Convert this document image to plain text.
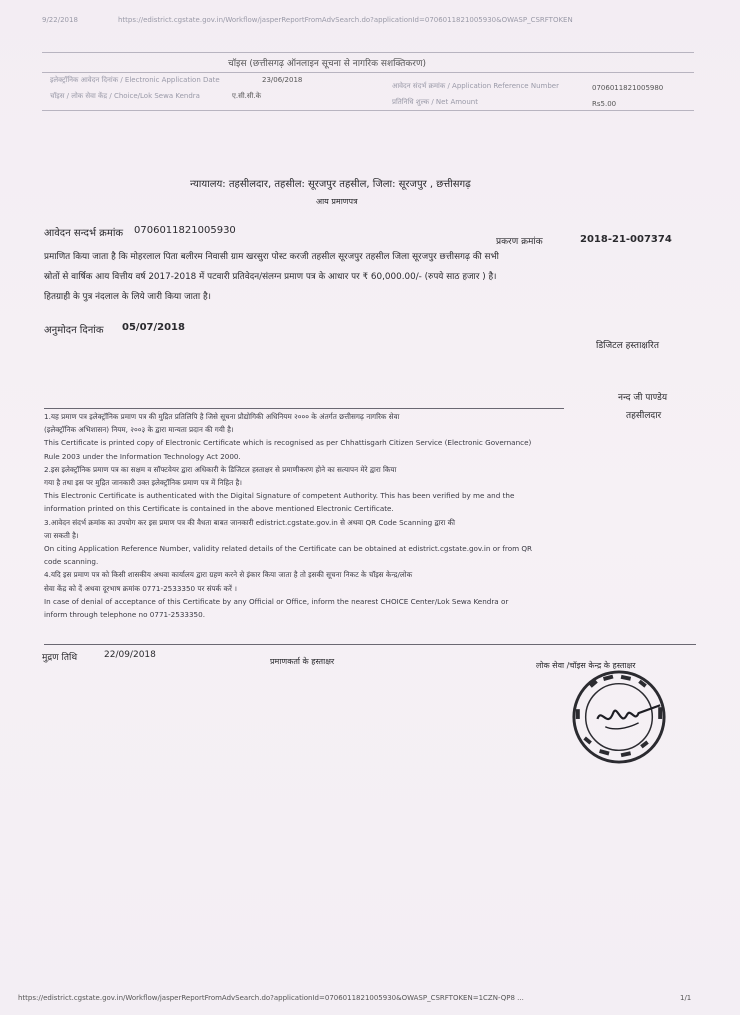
9/22/2018	https://edistrict.cgstate.gov.in/Workflow/jasperReportFromAdvSearch.do?applicationId=0706011821005930&OWASP_CSRFTOKEN
चॉइस (छत्तीसगढ़ ऑनलाइन सूचना से नागरिक सशक्तिकरण)
इलेक्ट्रॉनिक आवेदन दिनांक / Electronic Application Date	23/06/2018
आवेदन संदर्भ क्रमांक / Application Reference Number	0706011821005980
चॉइस / लोक सेवा केंद्र / Choice/Lok Sewa Kendra	ए.सी.सी.के
प्रतिनिधि शुल्क / Net Amount	Rs5.00
न्यायालय: तहसीलदार, तहसील: सूरजपुर तहसील, जिला: सूरजपुर , छत्तीसगढ़
आय प्रमाणपत्र
आवेदन सन्दर्भ क्रमांक 0706011821005930
प्रकरण क्रमांक	2018-21-007374
प्रमाणित किया जाता है कि मोहरलाल पिता बलीरम निवासी ग्राम खरसुरा पोस्ट करजी तहसील सूरजपुर तहसील जिला सूरजपुर छत्तीसगढ़ की सभी
स्रोतों से वार्षिक आय वित्तीय वर्ष 2017-2018 में पटवारी प्रतिवेदन/संलग्न प्रमाण पत्र के आधार पर ₹ 60,000.00/- (रुपये साठ हजार ) है।
हितग्राही के पुत्र नंदलाल के लिये जारी किया जाता है।
अनुमोदन दिनांक 05/07/2018
डिजिटल हस्ताक्षरित
नन्द जी पाण्डेय
तहसीलदार

1.यह प्रमाण पत्र इलेक्ट्रॉनिक प्रमाण पत्र की मुद्रित प्रतिलिपि है जिसे सूचना प्रौद्योगिकी अधिनियम २००० के अंतर्गत छत्तीसगढ़ नागरिक सेवा

(इलेक्ट्रॉनिक अभिशासन) नियम, २००३ के द्वारा मान्यता प्रदान की गयी है।

This Certificate is printed copy of Electronic Certificate which is recognised as per Chhattisgarh Citizen Service (Electronic Governance)

Rule 2003 under the Information Technology Act 2000.

2.इस इलेक्ट्रॉनिक प्रमाण पत्र का सक्षम व सॉफ्टवेयर द्वारा अधिकारी के डिजिटल हस्ताक्षर से प्रमाणीकरण होने का सत्यापन मेरे द्वारा किया

गया है तथा इस पर मुद्रित जानकारी उक्त इलेक्ट्रॉनिक प्रमाण पत्र में निहित है।

This Electronic Certificate is authenticated with the Digital Signature of competent Authority. This has been verified by me and the

information printed on this Certificate is contained in the above mentioned Electronic Certificate.

3.आवेदन संदर्भ क्रमांक का उपयोग कर इस प्रमाण पत्र की वैधता बाबत जानकारी edistrict.cgstate.gov.in से अथवा QR Code Scanning द्वारा की

जा सकती है।

On citing Application Reference Number, validity related details of the Certificate can be obtained at edistrict.cgstate.gov.in or from QR

code scanning.

4.यदि इस प्रमाण पत्र को किसी शासकीय अथवा कार्यालय द्वारा ग्रहण करने से इंकार किया जाता है तो इसकी सूचना निकट के चॉइस केन्द्र/लोक

सेवा केंद्र को दें अथवा दूरभाष क्रमांक 0771-2533350 पर संपर्क करें ।

In case of denial of acceptance of this Certificate by any Official or Office, inform the nearest CHOICE Center/Lok Sewa Kendra or

inform through telephone no 0771-2533350.

मुद्रण तिथि	22/09/2018
प्रमाणकर्ता के हस्ताक्षर	लोक सेवा /चॉइस केन्द्र के हस्ताक्षर
https://edistrict.cgstate.gov.in/Workflow/jasperReportFromAdvSearch.do?applicationId=0706011821005930&OWASP_CSRFTOKEN=1CZN-QP8 ...	1/1
